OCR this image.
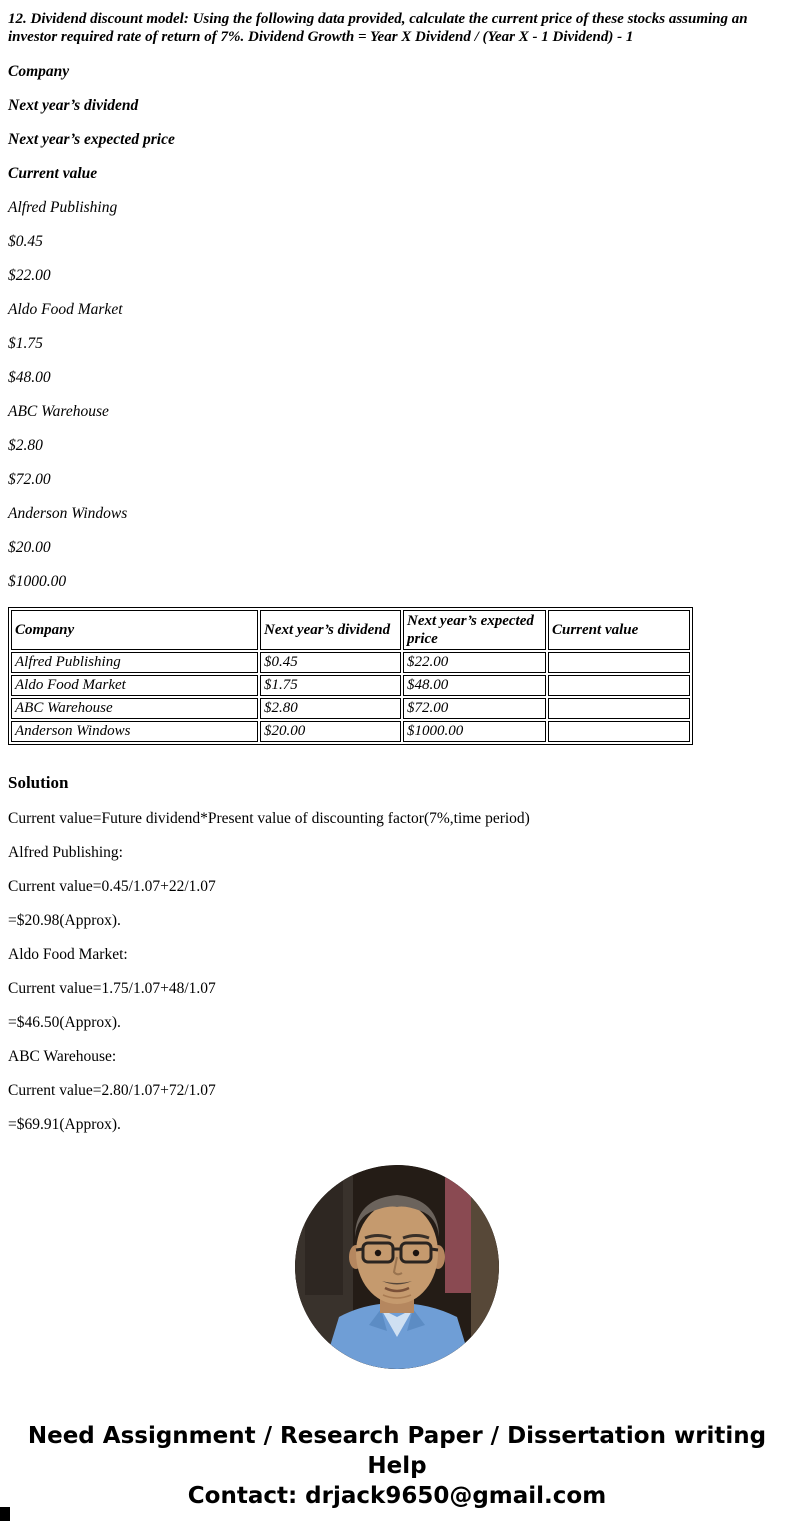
12. Dividend discount model: Using the following data provided, calculate the current price of these stocks assuming an investor required rate of return of 7%. Dividend Growth = Year X Dividend / (Year X - 1 Dividend) - 1

Company

Next year’s dividend

Next year’s expected price

Current value

Alfred Publishing

$0.45

$22.00

Aldo Food Market

$1.75

$48.00

ABC Warehouse

$2.80

$72.00

Anderson Windows

$20.00

$1000.00

Company	Next year’s dividend	Next year’s expected price	Current value
Alfred Publishing	$0.45	$22.00	
Aldo Food Market	$1.75	$48.00	
ABC Warehouse	$2.80	$72.00	
Anderson Windows	$20.00	$1000.00	

Solution

Current value=Future dividend*Present value of discounting factor(7%,time period)

Alfred Publishing:

Current value=0.45/1.07+22/1.07

=$20.98(Approx).

Aldo Food Market:

Current value=1.75/1.07+48/1.07

=$46.50(Approx).

ABC Warehouse:

Current value=2.80/1.07+72/1.07

=$69.91(Approx).

Need Assignment / Research Paper / Dissertation writing Help
Contact: drjack9650@gmail.com
